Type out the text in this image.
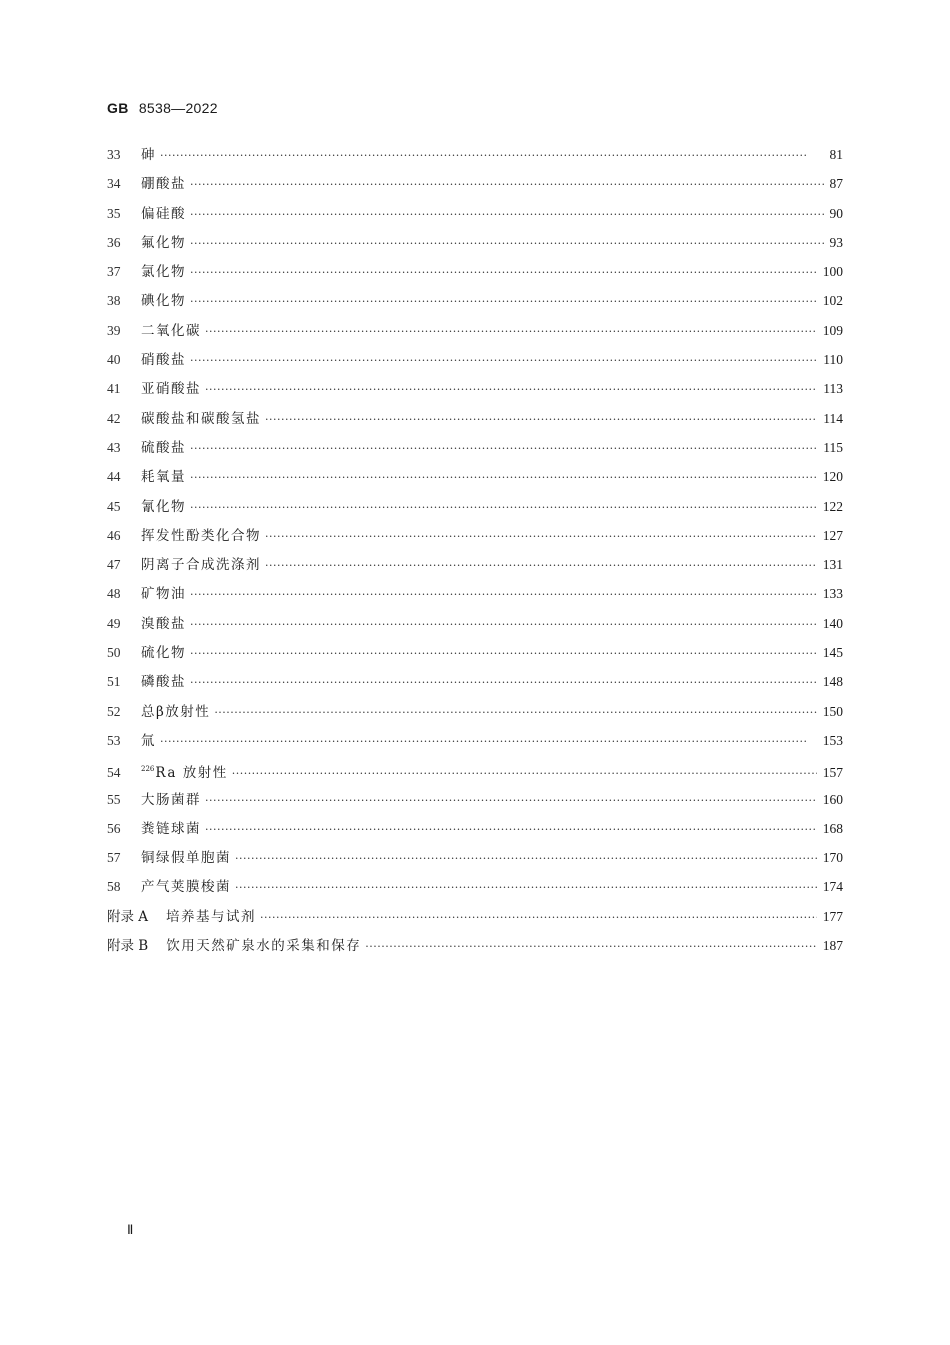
GB 8538—2022
33	砷 ·····	81
34	硼酸盐 ·····	87
35	偏硅酸 ·····	90
36	氟化物 ·····	93
37	氯化物 ·····	100
38	碘化物 ·····	102
39	二氧化碳 ·····	109
40	硝酸盐 ·····	110
41	亚硝酸盐 ·····	113
42	碳酸盐和碳酸氢盐 ·····	114
43	硫酸盐 ·····	115
44	耗氧量 ·····	120
45	氰化物 ·····	122
46	挥发性酚类化合物 ·····	127
47	阴离子合成洗涤剂 ·····	131
48	矿物油 ·····	133
49	溴酸盐 ·····	140
50	硫化物 ·····	145
51	磷酸盐 ·····	148
52	总β放射性 ·····	150
53	氚 ·····	153
54	$^{226}$Ra 放射性 ·····	157
55	大肠菌群 ·····	160
56	粪链球菌 ·····	168
57	铜绿假单胞菌 ·····	170
58	产气荚膜梭菌 ·····	174
附录 A 培养基与试剂 ·····	177
附录 B 饮用天然矿泉水的采集和保存 ·····	187
Ⅱ
